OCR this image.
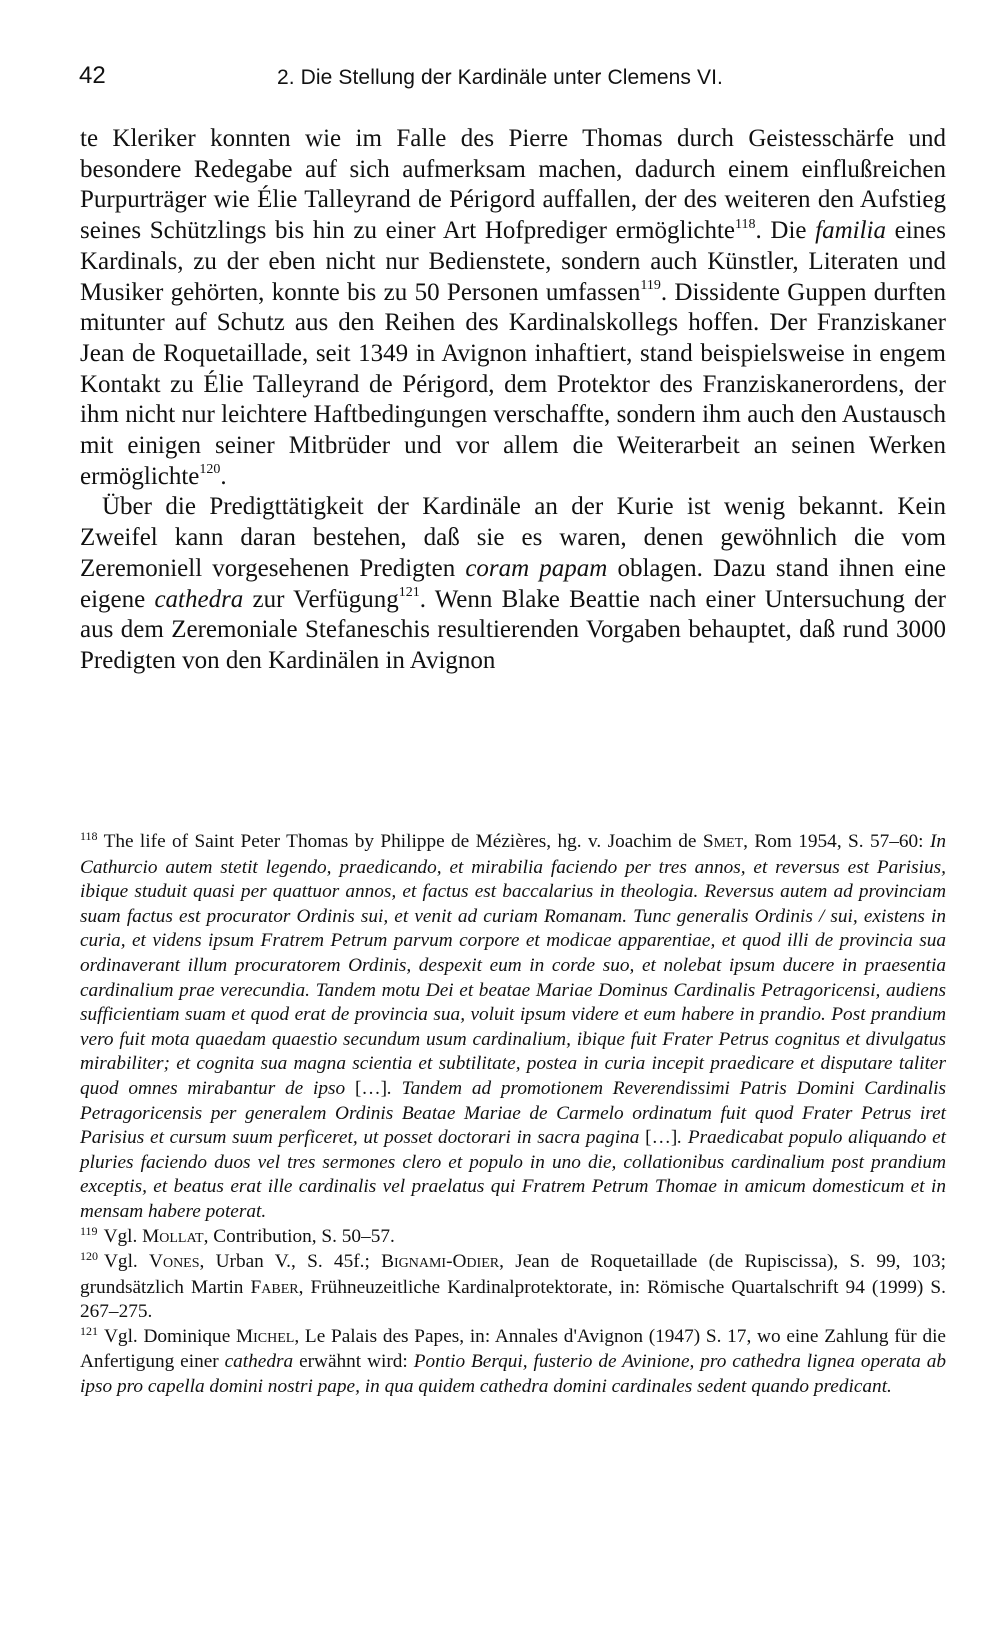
42	2. Die Stellung der Kardinäle unter Clemens VI.

te Kleriker konnten wie im Falle des Pierre Thomas durch Geistesschärfe und besondere Redegabe auf sich aufmerksam machen, dadurch einem einflußreichen Purpurträger wie Élie Talleyrand de Périgord auffallen, der des weiteren den Aufstieg seines Schützlings bis hin zu einer Art Hofprediger ermöglichte$^{118}$. Die familia eines Kardinals, zu der eben nicht nur Bedienstete, sondern auch Künstler, Literaten und Musiker gehörten, konnte bis zu 50 Personen umfassen$^{119}$. Dissidente Guppen durften mitunter auf Schutz aus den Reihen des Kardinalskollegs hoffen. Der Franziskaner Jean de Roquetaillade, seit 1349 in Avignon inhaftiert, stand beispielsweise in engem Kontakt zu Élie Talleyrand de Périgord, dem Protektor des Franziskanerordens, der ihm nicht nur leichtere Haftbedingungen verschaffte, sondern ihm auch den Austausch mit einigen seiner Mitbrüder und vor allem die Weiterarbeit an seinen Werken ermöglichte$^{120}$.

Über die Predigttätigkeit der Kardinäle an der Kurie ist wenig bekannt. Kein Zweifel kann daran bestehen, daß sie es waren, denen gewöhnlich die vom Zeremoniell vorgesehenen Predigten coram papam oblagen. Dazu stand ihnen eine eigene cathedra zur Verfügung$^{121}$. Wenn Blake Beattie nach einer Untersuchung der aus dem Zeremoniale Stefaneschis resultierenden Vorgaben behauptet, daß rund 3000 Predigten von den Kardinälen in Avignon

$^{118}$ The life of Saint Peter Thomas by Philippe de Mézières, hg. v. Joachim de Smet, Rom 1954, S. 57–60: In Cathurcio autem stetit legendo, praedicando, et mirabilia faciendo per tres annos, et reversus est Parisius, ibique studuit quasi per quattuor annos, et factus est baccalarius in theologia. Reversus autem ad provinciam suam factus est procurator Ordinis sui, et venit ad curiam Romanam. Tunc generalis Ordinis / sui, existens in curia, et videns ipsum Fratrem Petrum parvum corpore et modicae apparentiae, et quod illi de provincia sua ordinaverant illum procuratorem Ordinis, despexit eum in corde suo, et nolebat ipsum ducere in praesentia cardinalium prae verecundia. Tandem motu Dei et beatae Mariae Dominus Cardinalis Petragoricensi, audiens sufficientiam suam et quod erat de provincia sua, voluit ipsum videre et eum habere in prandio. Post prandium vero fuit mota quaedam quaestio secundum usum cardinalium, ibique fuit Frater Petrus cognitus et divulgatus mirabiliter; et cognita sua magna scientia et subtilitate, postea in curia incepit praedicare et disputare taliter quod omnes mirabantur de ipso […]. Tandem ad promotionem Reverendissimi Patris Domini Cardinalis Petragoricensis per generalem Ordinis Beatae Mariae de Carmelo ordinatum fuit quod Frater Petrus iret Parisius et cursum suum perficeret, ut posset doctorari in sacra pagina […]. Praedicabat populo aliquando et pluries faciendo duos vel tres sermones clero et populo in uno die, collationibus cardinalium post prandium exceptis, et beatus erat ille cardinalis vel praelatus qui Fratrem Petrum Thomae in amicum domesticum et in mensam habere poterat.

$^{119}$ Vgl. Mollat, Contribution, S. 50–57.

$^{120}$ Vgl. Vones, Urban V., S. 45f.; Bignami-Odier, Jean de Roquetaillade (de Rupiscissa), S. 99, 103; grundsätzlich Martin Faber, Frühneuzeitliche Kardinalprotektorate, in: Römische Quartalschrift 94 (1999) S. 267–275.

$^{121}$ Vgl. Dominique Michel, Le Palais des Papes, in: Annales d'Avignon (1947) S. 17, wo eine Zahlung für die Anfertigung einer cathedra erwähnt wird: Pontio Berqui, fusterio de Avinione, pro cathedra lignea operata ab ipso pro capella domini nostri pape, in qua quidem cathedra domini cardinales sedent quando predicant.
